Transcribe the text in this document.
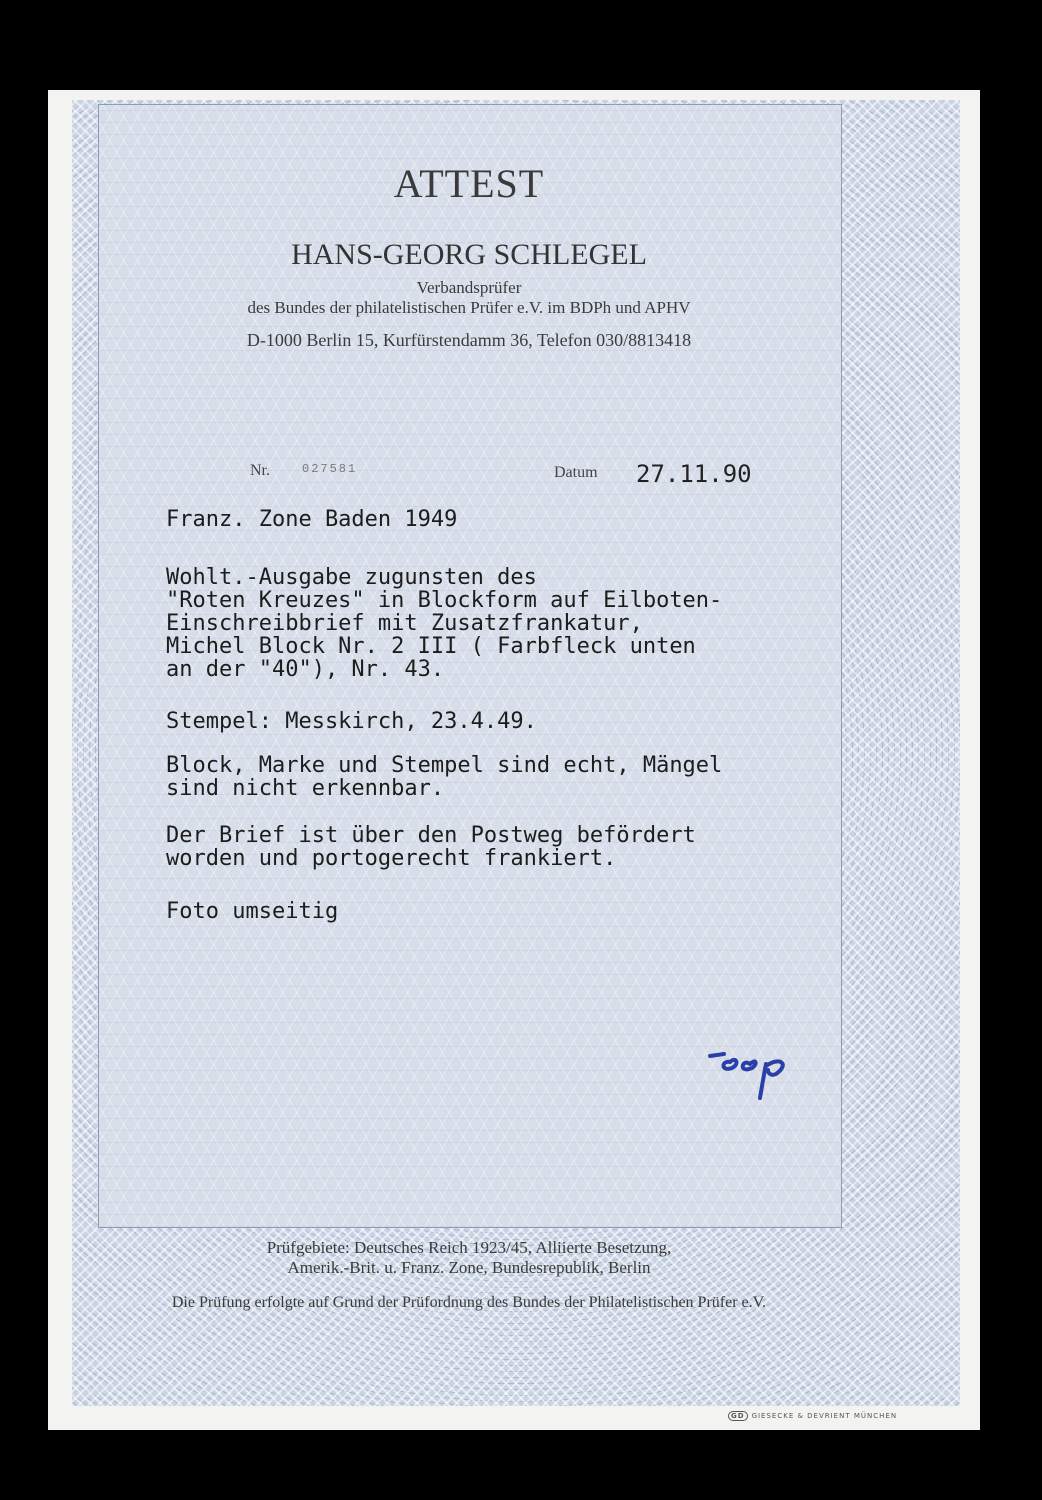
ATTEST
HANS-GEORG SCHLEGEL
Verbandsprüfer
des Bundes der philatelistischen Prüfer e.V. im BDPh und APHV
D-1000 Berlin 15, Kurfürstendamm 36, Telefon 030/8813418
Nr.	027581	Datum 27.11.90
Franz. Zone Baden 1949
Wohlt.-Ausgabe zugunsten des
"Roten Kreuzes" in Blockform auf Eilboten-
Einschreibbrief mit Zusatzfrankatur,
Michel Block Nr. 2 III ( Farbfleck unten
an der "40"), Nr. 43.
Stempel: Messkirch, 23.4.49.
Block, Marke und Stempel sind echt, Mängel
sind nicht erkennbar.
Der Brief ist über den Postweg befördert
worden und portogerecht frankiert.
Foto umseitig
Prüfgebiete: Deutsches Reich 1923/45, Alliierte Besetzung,
Amerik.-Brit. u. Franz. Zone, Bundesrepublik, Berlin
Die Prüfung erfolgte auf Grund der Prüfordnung des Bundes der Philatelistischen Prüfer e.V.
GD GIESECKE & DEVRIENT MÜNCHEN
